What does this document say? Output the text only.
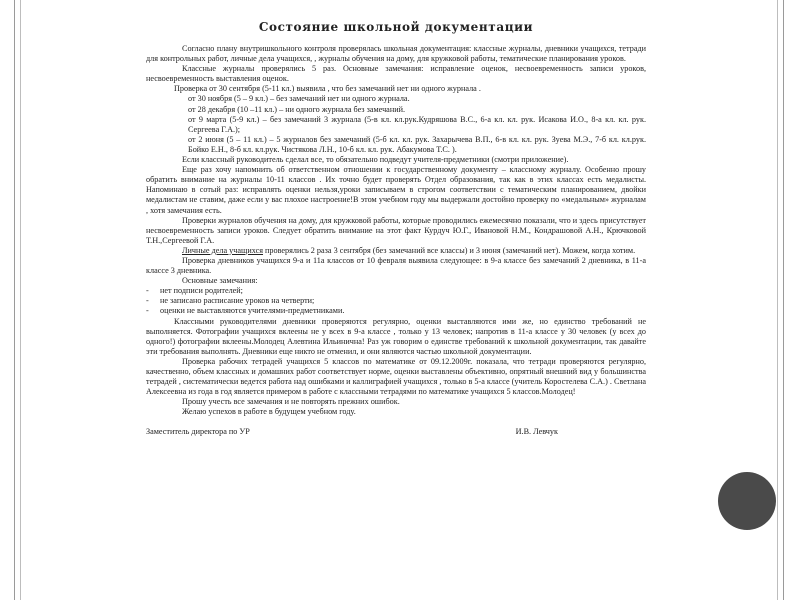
Состояние школьной документации

Согласно плану внутришкольного контроля проверялась школьная документация: классные журналы, дневники учащихся, тетради для контрольных работ, личные дела учащихся, , журналы обучения на дому, для кружковой работы, тематические планирования уроков.

Классные журналы проверялись 5 раз. Основные замечания: исправление оценок, несвоевременность записи уроков, несвоевременность выставления оценок.

Проверка от 30 сентября (5-11 кл.) выявила , что без замечаний нет ни одного журнала .

от 30 ноября (5 – 9 кл.) – без замечаний нет ни одного журнала.

от 28 декабря (10 –11 кл.) – ни одного журнала без замечаний.

от 9 марта (5-9 кл.) – без замечаний 3 журнала (5-в кл. кл.рук.Кудряшова В.С., 6-а кл. кл. рук. Исакова И.О., 8-а кл. кл. рук. Сергеева Г.А.);

от 2 июня (5 – 11 кл.) – 5 журналов без замечаний (5-б кл. кл. рук. Захарычева В.П., 6-в кл. кл. рук. Зуева М.Э., 7-б кл. кл.рук. Бойко Е.Н., 8-б кл. кл.рук. Чистякова Л.Н., 10-б кл. кл. рук. Абакумова Т.С. ).

Если классный руководитель сделал все, то обязательно подведут учителя-предметники (смотри приложение).

Еще раз хочу напомнить об ответственном отношении к государственному документу – классному журналу. Особенно прошу обратить внимание на журналы 10-11 классов . Их точно будет проверять Отдел образования, так как в этих классах есть медалисты. Напоминаю в сотый раз: исправлять оценки нельзя,уроки записываем в строгом соответствии с тематическим планированием, двойки медалистам не ставим, даже если у вас плохое настроение!В этом учебном году мы выдержали достойно проверку по «медальным» журналам , хотя замечания есть.

Проверки журналов обучения на дому, для кружковой работы, которые проводились ежемесячно показали, что и здесь присутствует несвоевременность записи уроков. Следует обратить внимание на этот факт Курдуч Ю.Г., Ивановой Н.М., Кондрашовой А.Н., Крючковой Т.Н.,Сергеевой Г.А.

Личные дела учащихся проверялись 2 раза 3 сентября (без замечаний все классы) и 3 июня (замечаний нет). Можем, когда хотим.

Проверка дневников учащихся 9-а и 11а классов от 10 февраля выявила следующее: в 9-а классе без замечаний 2 дневника, в 11-а классе 3 дневника.

Основные замечания:

- нет подписи родителей;

- не записано расписание уроков на четверти;

- оценки не выставляются учителями-предметниками.

Классными руководителями дневники проверяются регулярно, оценки выставляются ими же, но единство требований не выполняется. Фотографии учащихся вклеены не у всех в 9-а классе , только у 13 человек; напротив в 11-а классе у 30 человек (у всех до одного!) фотографии вклеены.Молодец Алевтина Ильинична! Раз уж говорим о единстве требований к школьной документации, так давайте эти требования выполнять. Дневники еще никто не отменил, и они являются частью школьной документации.

Проверка рабочих тетрадей учащихся 5 классов по математике от 09.12.2009г. показала, что тетради проверяются регулярно, качественно, объем классных и домашних работ соответствует норме, оценки выставлены объективно, опрятный внешний вид у большинства тетрадей , систематически ведется работа над ошибками и каллиграфией учащихся , только в 5-а классе (учитель Коростелева С.А.) . Светлана Алексеевна из года в год является примером в работе с классными тетрадями по математике учащихся 5 классов.Молодец!

Прошу учесть все замечания и не повторять прежних ошибок.

Желаю успехов в работе в будущем учебном году.

Заместитель директора по УР	И.В. Левчук
